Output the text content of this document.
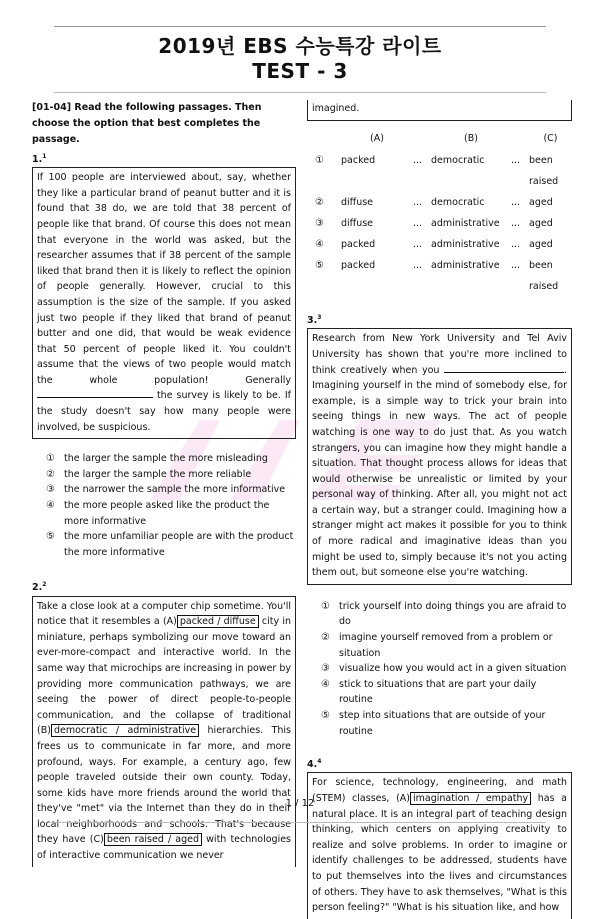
2019년 EBS 수능특강 라이트
TEST - 3
[01-04] Read the following passages. Then choose the option that best completes the passage.
1.$^1$
If 100 people are interviewed about, say, whether they like a particular brand of peanut butter and it is found that 38 do, we are told that 38 percent of people like that brand. Of course this does not mean that everyone in the world was asked, but the researcher assumes that if 38 percent of the sample liked that brand then it is likely to reflect the opinion of people generally. However, crucial to this assumption is the size of the sample. If you asked just two people if they liked that brand of peanut butter and one did, that would be weak evidence that 50 percent of people liked it. You couldn't assume that the views of two people would match the whole population! Generally  the survey is likely to be. If the study doesn't say how many people were involved, be suspicious.
① the larger the sample the more misleading
② the larger the sample the more reliable
③ the narrower the sample the more informative
④ the more people asked like the product the more informative
⑤ the more unfamiliar people are with the product the more informative
2.$^2$
Take a close look at a computer chip sometime. You'll notice that it resembles a (A) packed / diffuse city in miniature, perhaps symbolizing our move toward an ever-more-compact and interactive world. In the same way that microchips are increasing in power by providing more communication pathways, we are seeing the power of direct people-to-people communication, and the collapse of traditional (B) democratic / administrative hierarchies. This frees us to communicate in far more, and more profound, ways. For example, a century ago, few people traveled outside their own county. Today, some kids have more friends around the world that they've "met" via the Internet than they do in their local neighborhoods and schools. That's because they have (C) been raised / aged with technologies of interactive communication we never
imagined.
(A)	(B)	(C)
①	packed	... democratic	... been raised
②	diffuse	... democratic	... aged
③	diffuse	... administrative	... aged
④	packed	... administrative	... aged
⑤	packed	... administrative	... been raised
3.$^3$
Research from New York University and Tel Aviv University has shown that you're more inclined to think creatively when you	. Imagining yourself in the mind of somebody else, for example, is a simple way to trick your brain into seeing things in new ways. The act of people watching is one way to do just that. As you watch strangers, you can imagine how they might handle a situation. That thought process allows for ideas that would otherwise be unrealistic or limited by your personal way of thinking. After all, you might not act a certain way, but a stranger could. Imagining how a stranger might act makes it possible for you to think of more radical and imaginative ideas than you might be used to, simply because it's not you acting them out, but someone else you're watching.
① trick yourself into doing things you are afraid to do
② imagine yourself removed from a problem or situation
③ visualize how you would act in a given situation
④ stick to situations that are part your daily routine
⑤ step into situations that are outside of your routine
4.$^4$
For science, technology, engineering, and math (STEM) classes, (A) imagination / empathy has a natural place. It is an integral part of teaching design thinking, which centers on applying creativity to realize and solve problems. In order to imagine or identify challenges to be addressed, students have to put themselves into the lives and circumstances of others. They have to ask themselves, "What is this person feeling?" "What is his situation like, and how
1 / 12
